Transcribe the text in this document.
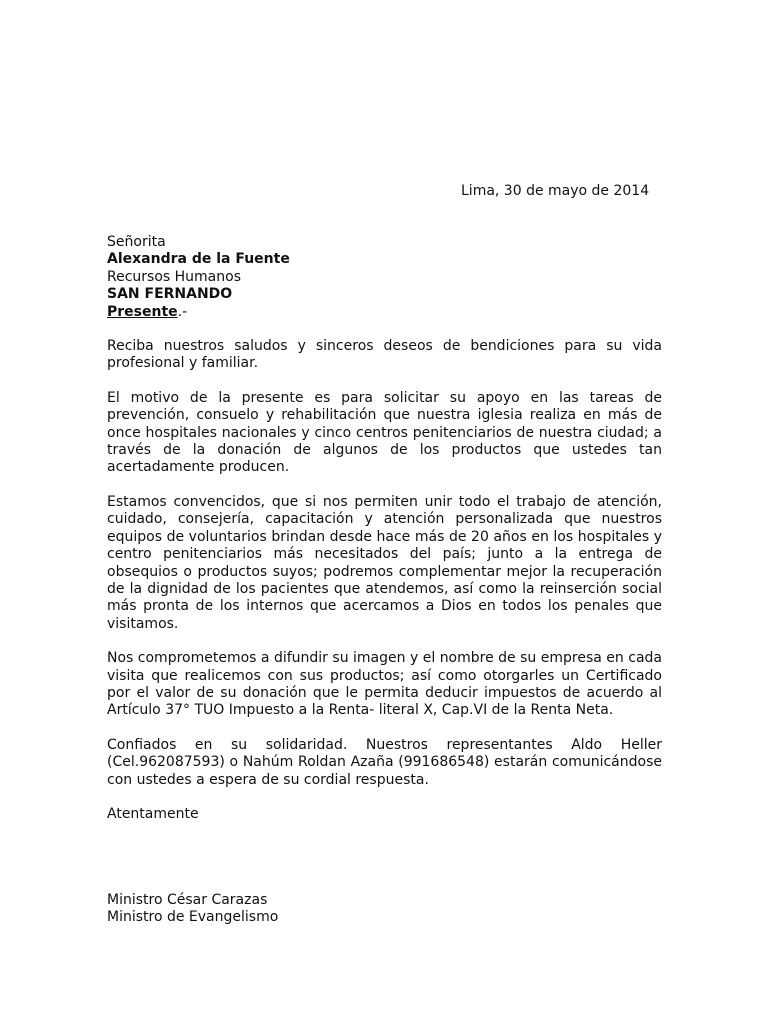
Lima, 30 de mayo de 2014
Señorita
Alexandra de la Fuente
Recursos Humanos
SAN FERNANDO
Presente.-

Reciba nuestros saludos y sinceros deseos de bendiciones para su vida profesional y familiar.

El motivo de la presente es para solicitar su apoyo en las tareas de prevención, consuelo y rehabilitación que nuestra iglesia realiza en más de once hospitales nacionales y cinco centros penitenciarios de nuestra ciudad; a través de la donación de algunos de los productos que ustedes tan acertadamente producen.

Estamos convencidos, que si nos permiten unir todo el trabajo de atención, cuidado, consejería, capacitación y atención personalizada que nuestros equipos de voluntarios brindan desde hace más de 20 años en los hospitales y centro penitenciarios más necesitados del país; junto a la entrega de obsequios o productos suyos; podremos complementar mejor la recuperación de la dignidad de los pacientes que atendemos, así como la reinserción social más pronta de los internos que acercamos a Dios en todos los penales que visitamos.

Nos comprometemos a difundir su imagen y el nombre de su empresa en cada visita que realicemos con sus productos; así como otorgarles un Certificado por el valor de su donación que le permita deducir impuestos de acuerdo al Artículo 37° TUO Impuesto a la Renta- literal X, Cap.VI de la Renta Neta.

Confiados en su solidaridad. Nuestros representantes Aldo Heller (Cel.962087593) o Nahúm Roldan Azaña (991686548) estarán comunicándose con ustedes a espera de su cordial respuesta.

Atentamente

Ministro César Carazas
Ministro de Evangelismo
